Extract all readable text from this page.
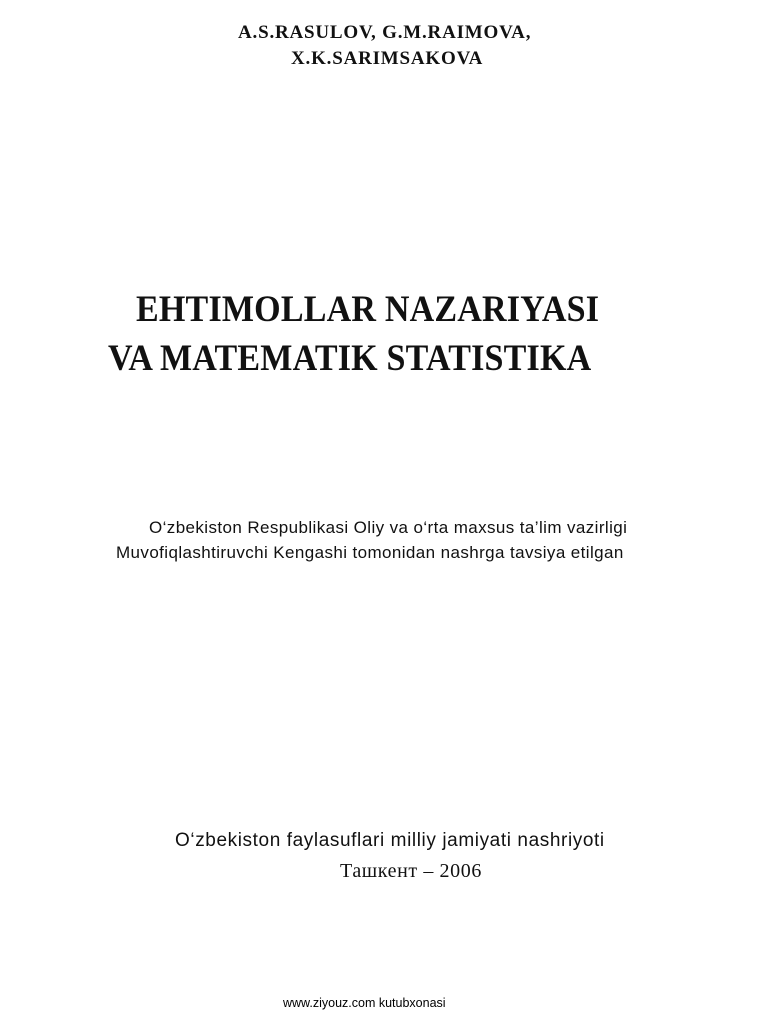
A.S.RASULOV, G.M.RAIMOVA,
X.K.SARIMSAKOVA
EHTIMOLLAR NAZARIYASI
VA MATEMATIK STATISTIKA
O‘zbekiston Respublikasi Oliy va o‘rta maxsus ta’lim vazirligi
Muvofiqlashtiruvchi Kengashi tomonidan nashrga tavsiya etilgan
O‘zbekiston faylasuflari milliy jamiyati nashriyoti
Ташкент – 2006
www.ziyouz.com kutubxonasi
